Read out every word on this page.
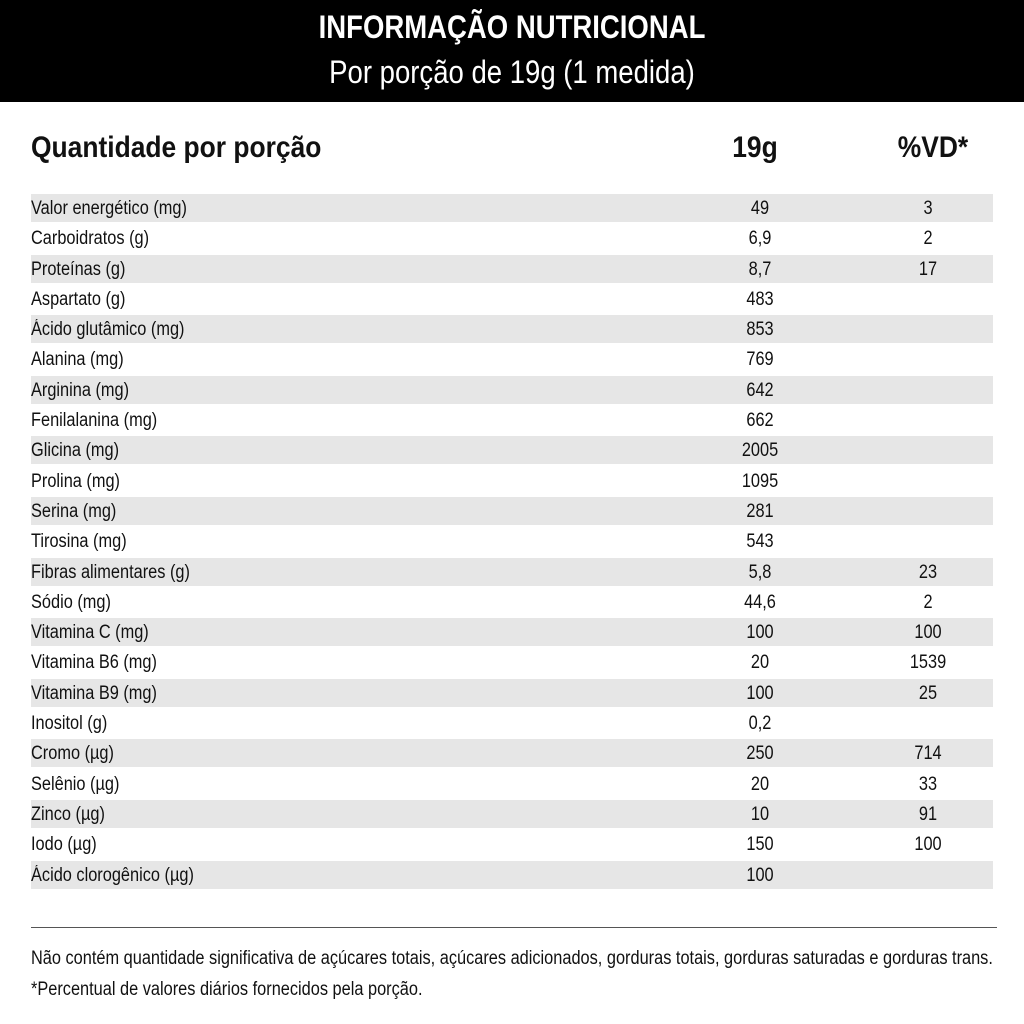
INFORMAÇÃO NUTRICIONAL
Por porção de 19g (1 medida)
Quantidade por porção	19g	%VD*
Valor energético (mg)	49	3
Carboidratos (g)	6,9	2
Proteínas (g)	8,7	17
Aspartato (g)	483
Ácido glutâmico (mg)	853
Alanina (mg)	769
Arginina (mg)	642
Fenilalanina (mg)	662
Glicina (mg)	2005
Prolina (mg)	1095
Serina (mg)	281
Tirosina (mg)	543
Fibras alimentares (g)	5,8	23
Sódio (mg)	44,6	2
Vitamina C (mg)	100	100
Vitamina B6 (mg)	20	1539
Vitamina B9 (mg)	100	25
Inositol (g)	0,2
Cromo (µg)	250	714
Selênio (µg)	20	33
Zinco (µg)	10	91
Iodo (µg)	150	100
Ácido clorogênico (µg)	100
Não contém quantidade significativa de açúcares totais, açúcares adicionados, gorduras totais, gorduras saturadas e gorduras trans.
*Percentual de valores diários fornecidos pela porção.
